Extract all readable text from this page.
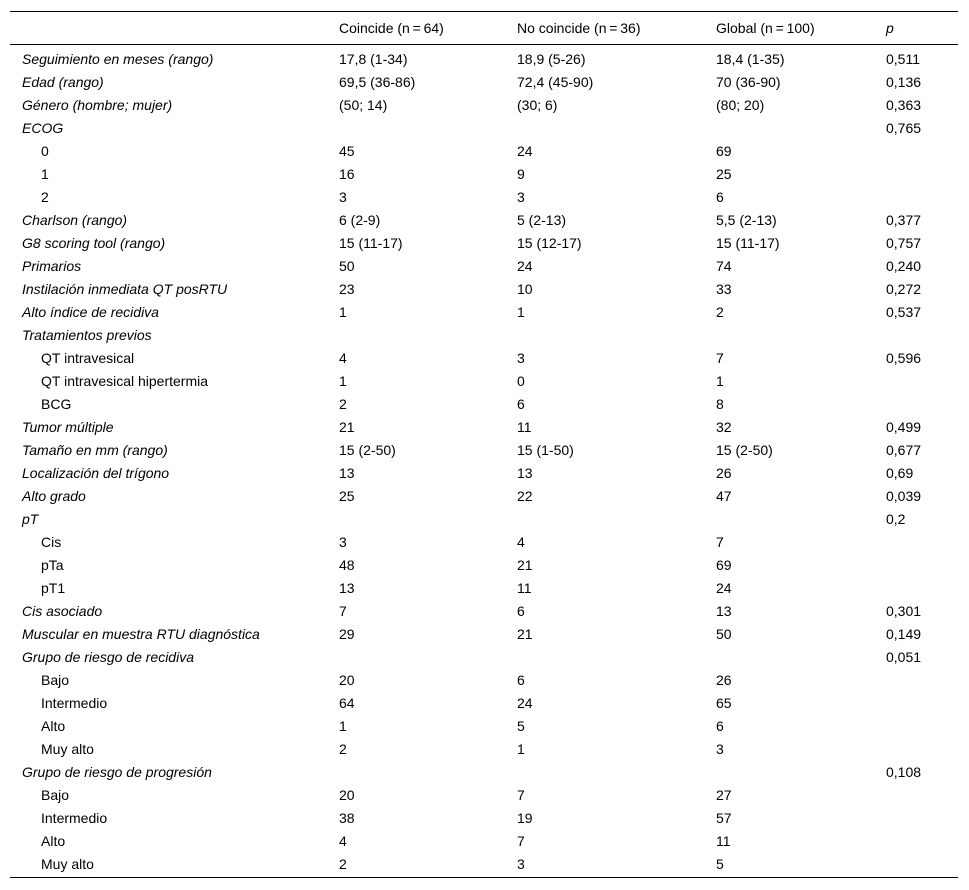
	Coincide (n = 64)	No coincide (n = 36)	Global (n = 100)	p
Seguimiento en meses (rango)	17,8 (1-34)	18,9 (5-26)	18,4 (1-35)	0,511
Edad (rango)	69,5 (36-86)	72,4 (45-90)	70 (36-90)	0,136
Género (hombre; mujer)	(50; 14)	(30; 6)	(80; 20)	0,363
ECOG				0,765
0	45	24	69	
1	16	9	25	
2	3	3	6	
Charlson (rango)	6 (2-9)	5 (2-13)	5,5 (2-13)	0,377
G8 scoring tool (rango)	15 (11-17)	15 (12-17)	15 (11-17)	0,757
Primarios	50	24	74	0,240
Instilación inmediata QT posRTU	23	10	33	0,272
Alto índice de recidiva	1	1	2	0,537
Tratamientos previos				
QT intravesical	4	3	7	0,596
QT intravesical hipertermia	1	0	1	
BCG	2	6	8	
Tumor múltiple	21	11	32	0,499
Tamaño en mm (rango)	15 (2-50)	15 (1-50)	15 (2-50)	0,677
Localización del trígono	13	13	26	0,69
Alto grado	25	22	47	0,039
pT				0,2
Cis	3	4	7	
pTa	48	21	69	
pT1	13	11	24	
Cis asociado	7	6	13	0,301
Muscular en muestra RTU diagnóstica	29	21	50	0,149
Grupo de riesgo de recidiva				0,051
Bajo	20	6	26	
Intermedio	64	24	65	
Alto	1	5	6	
Muy alto	2	1	3	
Grupo de riesgo de progresión				0,108
Bajo	20	7	27	
Intermedio	38	19	57	
Alto	4	7	11	
Muy alto	2	3	5	
